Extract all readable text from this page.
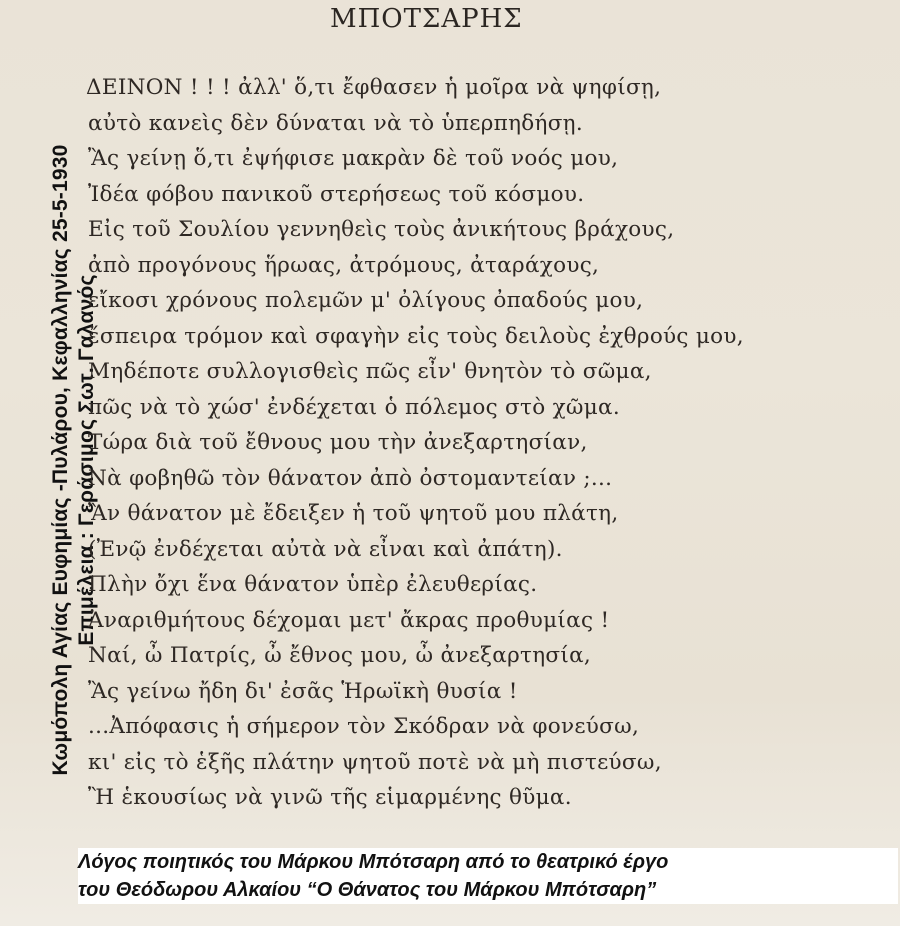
Κωμόπολη Αγίας Ευφημίας -Πυλάρου, Κεφαλληνίας 25-5-1930 Επιμέλεια : Γεράσιμος Σωτ. Γαλανός
ΜΠΟΤΣΑΡΗΣ
ΔΕΙΝΟΝ ! ! ! ἀλλ' ὅ,τι ἔφθασεν ἡ μοῖρα νὰ ψηφίσῃ,
αὐτὸ κανεὶς δὲν δύναται νὰ τὸ ὑπερπηδήσῃ.
Ἂς γείνῃ ὅ,τι ἐψήφισε μακρὰν δὲ τοῦ νοός μου,
Ἰδέα φόβου πανικοῦ στερήσεως τοῦ κόσμου.
Εἰς τοῦ Σουλίου γεννηθεὶς τοὺς ἀνικήτους βράχους,
ἀπὸ προγόνους ἥρωας, ἀτρόμους, ἀταράχους,
εἴκοσι χρόνους πολεμῶν μ' ὀλίγους ὀπαδούς μου,
ἔσπειρα τρόμον καὶ σφαγὴν εἰς τοὺς δειλοὺς ἐχθρούς μου,
Μηδέποτε συλλογισθεὶς πῶς εἶν' θνητὸν τὸ σῶμα,
πῶς νὰ τὸ χώσ' ἐνδέχεται ὁ πόλεμος στὸ χῶμα.
Τώρα διὰ τοῦ ἔθνους μου τὴν ἀνεξαρτησίαν,
Νὰ φοβηθῶ τὸν θάνατον ἀπὸ ὀστομαντείαν ;...
Ἂν θάνατον μὲ ἔδειξεν ἡ τοῦ ψητοῦ μου πλάτη,
(Ἐνῷ ἐνδέχεται αὐτὰ νὰ εἶναι καὶ ἀπάτη).
Πλὴν ὄχι ἕνα θάνατον ὑπὲρ ἐλευθερίας.
Ἀναριθμήτους δέχομαι μετ' ἄκρας προθυμίας !
Ναί, ὦ Πατρίς, ὦ ἔθνος μου, ὦ ἀνεξαρτησία,
Ἂς γείνω ἤδη δι' ἐσᾶς Ἡρωϊκὴ θυσία !
...Ἀπόφασις ἡ σήμερον τὸν Σκόδραν νὰ φονεύσω,
κι' εἰς τὸ ἑξῆς πλάτην ψητοῦ ποτὲ νὰ μὴ πιστεύσω,
Ἢ ἑκουσίως νὰ γινῶ τῆς εἱμαρμένης θῦμα.
Λόγος ποιητικός του Μάρκου Μπότσαρη από το θεατρικό έργο
του Θεόδωρου Αλκαίου “Ο Θάνατος του Μάρκου Μπότσαρη”
